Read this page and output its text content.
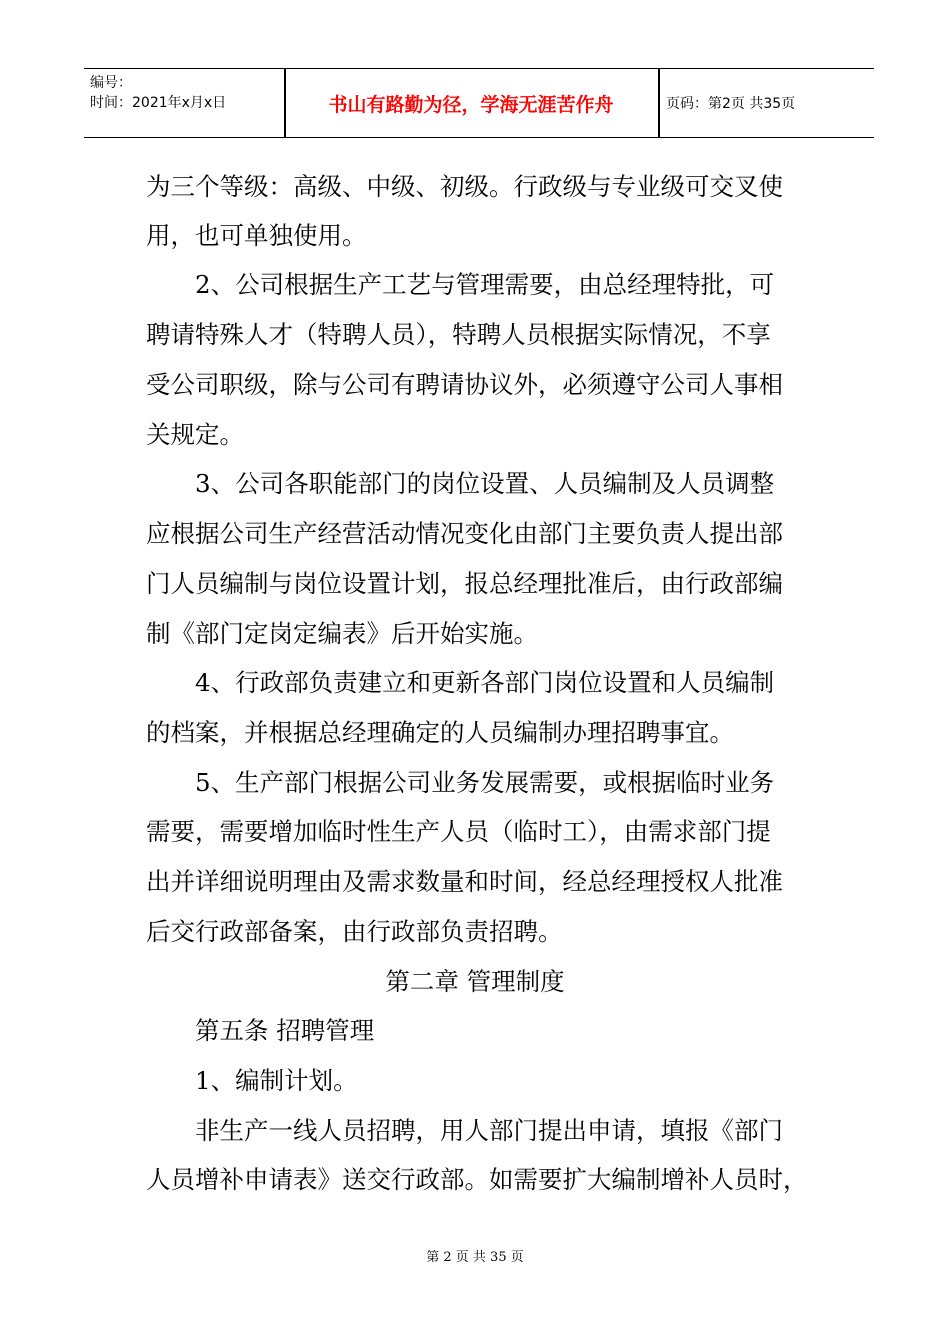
编号：
时间：2021年x月x日	书山有路勤为径，学海无涯苦作舟	页码：第2页 共35页
为三个等级：高级、中级、初级。行政级与专业级可交叉使
用，也可单独使用。
2、公司根据生产工艺与管理需要，由总经理特批，可
聘请特殊人才（特聘人员），特聘人员根据实际情况，不享
受公司职级，除与公司有聘请协议外，必须遵守公司人事相
关规定。
3、公司各职能部门的岗位设置、人员编制及人员调整
应根据公司生产经营活动情况变化由部门主要负责人提出部
门人员编制与岗位设置计划，报总经理批准后，由行政部编
制《部门定岗定编表》后开始实施。
4、行政部负责建立和更新各部门岗位设置和人员编制
的档案，并根据总经理确定的人员编制办理招聘事宜。
5、生产部门根据公司业务发展需要，或根据临时业务
需要，需要增加临时性生产人员（临时工），由需求部门提
出并详细说明理由及需求数量和时间，经总经理授权人批准
后交行政部备案，由行政部负责招聘。
第二章 管理制度
第五条 招聘管理
1、编制计划。
非生产一线人员招聘，用人部门提出申请，填报《部门
人员增补申请表》送交行政部。如需要扩大编制增补人员时，
第 2 页 共 35 页
